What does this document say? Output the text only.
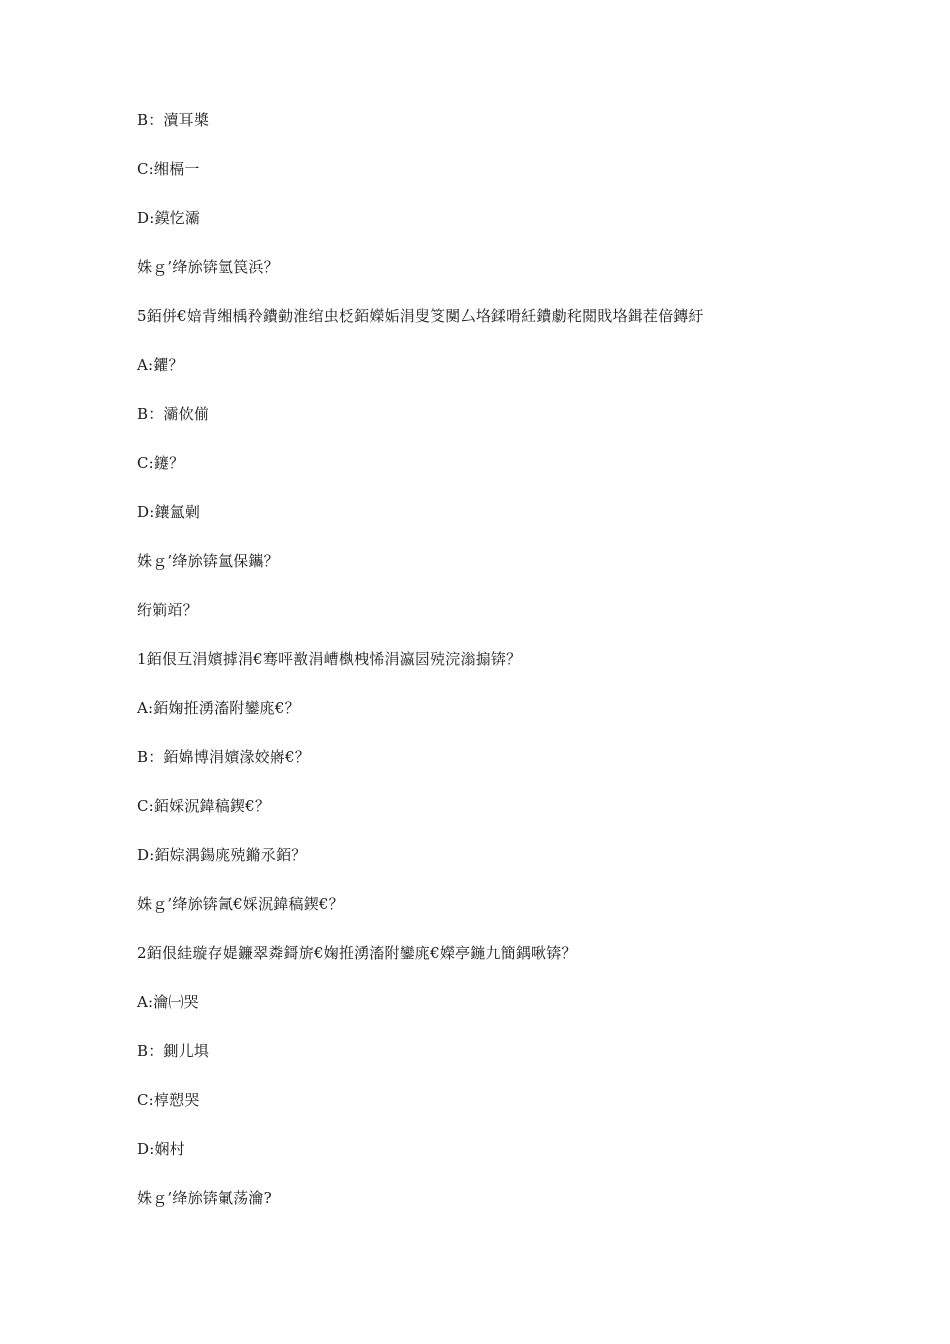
B：瀆耳槳
C:缃槅一
D:鏌忔灞
姝ｇ’绛旀锛氫笢浜？
5銆併€婄背缃楀矝鐨勭淮绾虫柉銆嬫姤涓叟笅闃厶垎鍒嗗紝鐨勮秺閲戝垎鍓茬偣鏄紆
A:鑺？
B：灞佽偂
C:鑳？
D:鑲氳劋
姝ｇ’绛旀锛氳保鑴？
绗箣竡？
1銆佷互涓嬪摢涓€骞呯敾涓嶆槸栧悕涓瀛囩殑浣滃搧锛？
A:銆婅拰湧滀附鑾庣€？
B：銆婂博涓嬪湪姣嶈€？
C:銆婇泦鍏稿鍥€？
D:銆婃湡鍚庣殑鏅氶銆？
姝ｇ’绛旀锛氥€婇泦鍏稿鍥€？
2銆佷絓璇存媞鐮翠粦鎶旂€婅拰湧滀附鑾庣€嬫亭鍦九簡鍝啾锛？
A:瀹㈠哭
B：鍘儿埧
C:椁愬哭
D:娴村
姝ｇ’绛旀锛氭荡瀹?
